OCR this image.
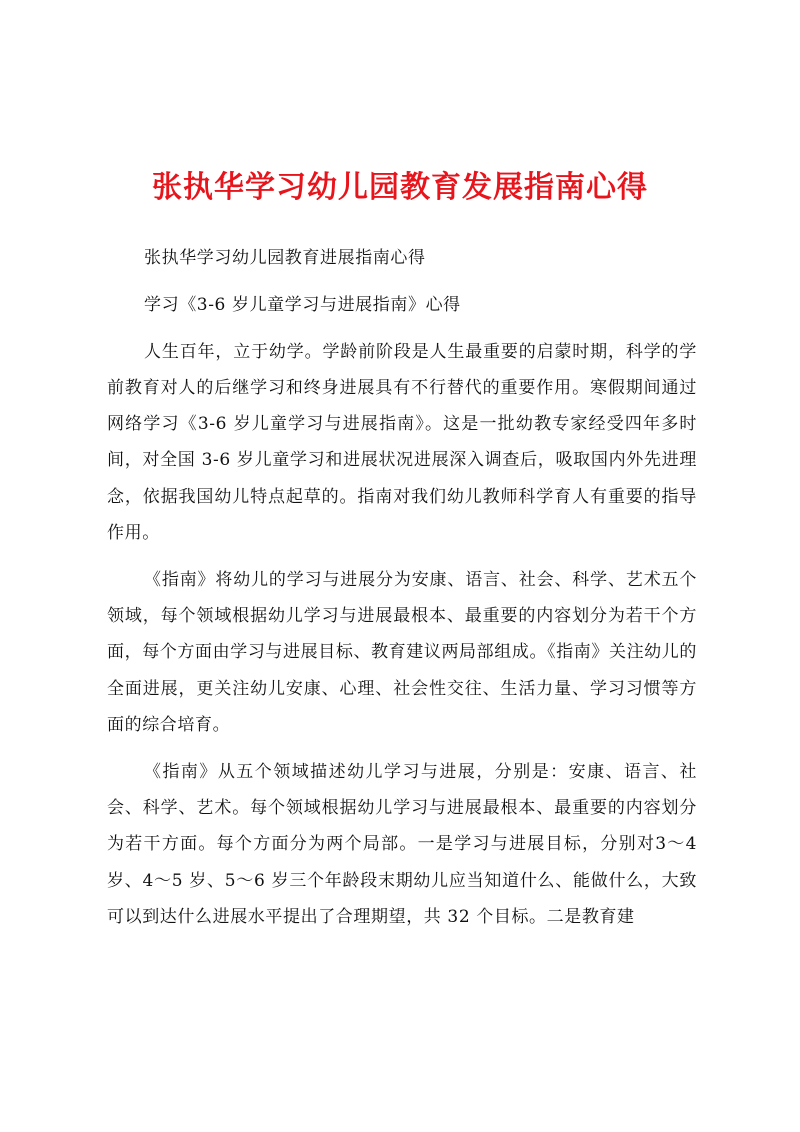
张执华学习幼儿园教育发展指南心得
张执华学习幼儿园教育进展指南心得
学习《3-6 岁儿童学习与进展指南》心得

人生百年，立于幼学。学龄前阶段是人生最重要的启蒙时期，科学的学前教育对人的后继学习和终身进展具有不行替代的重要作用。寒假期间通过网络学习《3-6 岁儿童学习与进展指南》。这是一批幼教专家经受四年多时间，对全国 3-6 岁儿童学习和进展状况进展深入调查后，吸取国内外先进理念，依据我国幼儿特点起草的。指南对我们幼儿教师科学育人有重要的指导作用。

《指南》将幼儿的学习与进展分为安康、语言、社会、科学、艺术五个领域，每个领域根据幼儿学习与进展最根本、最重要的内容划分为若干个方面，每个方面由学习与进展目标、教育建议两局部组成。《指南》关注幼儿的全面进展，更关注幼儿安康、心理、社会性交往、生活力量、学习习惯等方面的综合培育。

《指南》从五个领域描述幼儿学习与进展，分别是：安康、语言、社会、科学、艺术。每个领域根据幼儿学习与进展最根本、最重要的内容划分为若干方面。每个方面分为两个局部。一是学习与进展目标，分别对3～4 岁、4～5 岁、5～6 岁三个年龄段末期幼儿应当知道什么、能做什么，大致可以到达什么进展水平提出了合理期望，共 32 个目标。二是教育建
